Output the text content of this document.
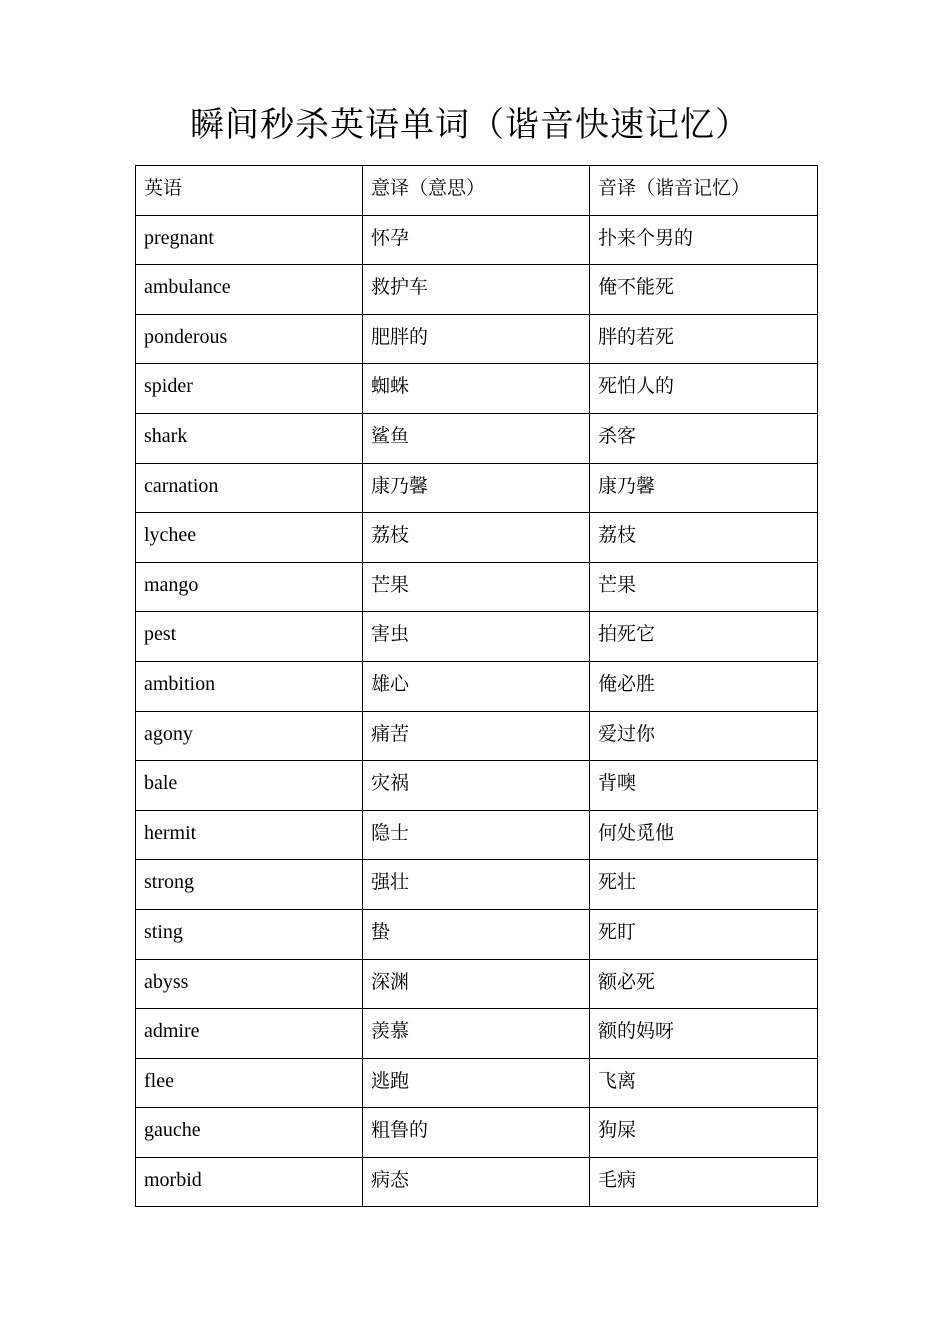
瞬间秒杀英语单词（谐音快速记忆）
英语	意译（意思）	音译（谐音记忆）
pregnant	怀孕	扑来个男的
ambulance	救护车	俺不能死
ponderous	肥胖的	胖的若死
spider	蜘蛛	死怕人的
shark	鲨鱼	杀客
carnation	康乃馨	康乃馨
lychee	荔枝	荔枝
mango	芒果	芒果
pest	害虫	拍死它
ambition	雄心	俺必胜
agony	痛苦	爱过你
bale	灾祸	背噢
hermit	隐士	何处觅他
strong	强壮	死壮
sting	蛰	死盯
abyss	深渊	额必死
admire	羡慕	额的妈呀
flee	逃跑	飞离
gauche	粗鲁的	狗屎
morbid	病态	毛病
